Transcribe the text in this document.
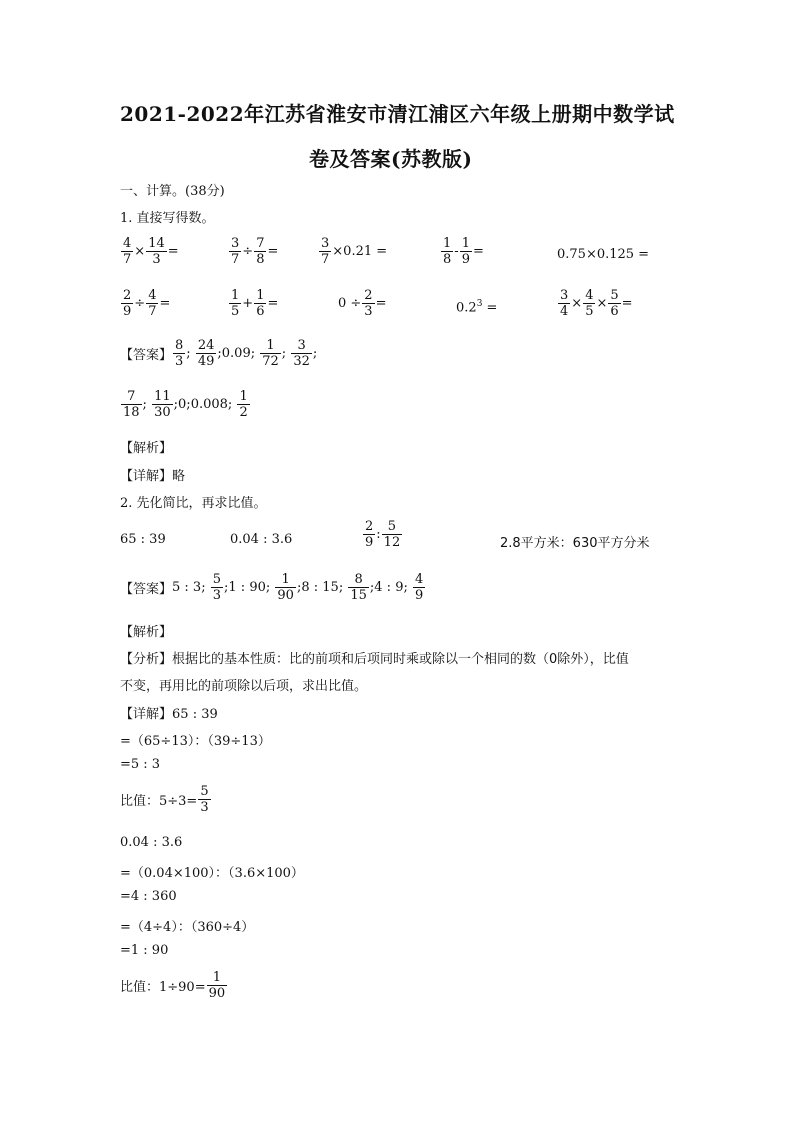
2021-2022年江苏省淮安市清江浦区六年级上册期中数学试
卷及答案(苏教版)
一、计算。(38分)
1. 直接写得数。
$\frac{4}{7} \times \frac{14}{3}$ =	$\frac{3}{7} \div \frac{7}{8}$ =	$\frac{3}{7} \times 0.21$ =	$\frac{1}{8} - \frac{1}{9}$ =	0.75×0.125 =
$\frac{2}{9} \div \frac{4}{7}$ =	$\frac{1}{5} + \frac{1}{6}$ =	$0 \div \frac{2}{3}$ =	$0.2^3$ =	$\frac{3}{4} \times \frac{4}{5} \times \frac{5}{6}$ =
【答案】 $\frac{8}{3}$ ;
$\frac{24}{49}$ ; 0.09 ;
$\frac{1}{72}$ ;
$\frac{3}{32}$ ;
$\frac{7}{18}$ ;
$\frac{11}{30}$ ; 0 ; 0.008 ;
$\frac{1}{2}$
【解析】
【详解】略
2. 先化简比，再求比值。
65 : 39	0.04 : 3.6	$\frac{2}{9}$ : $\frac{5}{12}$	2.8平方米：630平方分米
【答案】 5 : 3 ;
$\frac{5}{3}$ ; 1 : 90 ;
$\frac{1}{90}$ ; 8 : 15 ;
$\frac{8}{15}$ ; 4 : 9 ;
$\frac{4}{9}$
【解析】
【分析】根据比的基本性质：比的前项和后项同时乘或除以一个相同的数（0除外），比值
不变，再用比的前项除以后项，求出比值。
【详解】65 : 39
=（65÷13）：（39÷13）
=5 : 3
比值：$5\div 3= \frac{5}{3}$
0.04 : 3.6
=（0.04×100）：（3.6×100）
=4 : 360
=（4÷4）：（360÷4）
=1 : 90
比值：$1\div 90= \frac{1}{90}$
